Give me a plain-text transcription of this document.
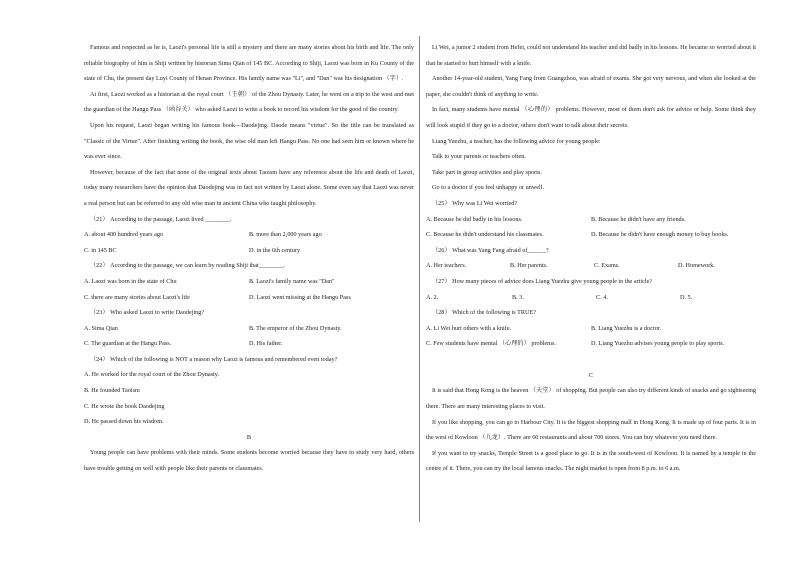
Famous and respected as he is, Laozi's personal life is still a mystery and there are many stories about his birth and life. The only reliable biography of him is Shiji written by historian Sima Qian of 145 BC. According to Shiji, Laozi was born in Ku County of the state of Chu, the present day Luyi County of Henan Province. His family name was "Li", and "Dan" was his designation （字）.

At first, Laozi worked as a historian at the royal court （王朝） of the Zhou Dynasty. Later, he went on a trip to the west and met the guardian of the Hangu Pass （函谷关） who asked Laozi to write a book to record his wisdom for the good of the country.

Upon his request, Laozi began writing his famous book—Daodejing. Daode means "virtue". So the title can be translated as "Classic of the Virtue". After finishing writing the book, the wise old man left Hangu Pass. No one had seen him or known where he was ever since.

However, because of the fact that none of the original texts about Taoism have any reference about the life and death of Laozi, today many researchers have the opinion that Daodejing was in fact not written by Laozi alone. Some even say that Laozi was never a real person but can be referred to any old wise man in ancient China who taught philosophy.

（21） According to the passage, Laozi lived ________.

A. about 400 hundred years ago	B. more than 2,000 years ago
C. in 145 BC	D. in the 6th century

（22） According to the passage, we can learn by reading Shiji that________.

A. Laozi was born in the state of Chu	B. Laozi's family name was "Dan"
C. there are many stories about Laozi's life	D. Laozi went missing at the Hangu Pass

（23） Who asked Laozi to write Daodejing?

A. Sima Qian	B. The emperor of the Zhou Dynasty.
C. The guardian at the Hangu Pass.	D. His father.

（24） Which of the following is NOT a reason why Laozi is famous and remembered even today?

A. He worked for the royal court of the Zhou Dynasty.

B. He founded Taoism

C. He wrote the book Daodejing

D. He passed down his wisdom.

B

Young people can have problems with their minds. Some students become worried because they have to study very hard, others have trouble getting on well with people like their parents or classmates.

Li Wei, a junior 2 student from Hefei, could not understand his teacher and did badly in his lessons. He became so worried about it that he started to hurt himself with a knife.

Another 14-year-old student, Yang Fang from Guangzhou, was afraid of exams. She got very nervous, and when she looked at the paper, she couldn't think of anything to write.

In fact, many students have mental （心理的） problems. However, most of them don't ask for advice or help. Some think they will look stupid if they go to a doctor, others don't want to talk about their secrets.

Liang Yuezhu, a teacher, has the following advice for young people:

Talk to your parents or teachers often.

Take part in group activities and play sports.

Go to a doctor if you feel unhappy or unwell.

（25） Why was Li Wei worried?

A. Because he did badly in his lessons.	B. Because he didn't have any friends.
C. Because he didn't understand his classmates.	D. Because he didn't have enough money to buy books.

（26） What was Yang Fang afraid of______?

A. Her teachers.	B. Her parents.	C. Exams.	D. Homework.

（27） How many pieces of advice does Liang Yuezhu give young people in the article?

A. 2.	B. 3.	C. 4.	D. 5.

（28） Which of the following is TRUE?

A. Li Wei hurt others with a knife.	B. Liang Yuezhu is a doctor.
C. Few students have mental （心理的） problems.	D. Liang Yuezhu advises young people to play sports.

C

It is said that Hong Kong is the heaven （天堂） of shopping. But people can also try different kinds of snacks and go sightseeing there. There are many interesting places to visit.

If you like shopping, you can go to Harbour City. It is the biggest shopping mall in Hong Kong. It is made up of four parts. It is in the west of Kowloon （九龙）. There are 60 restaurants and about 700 stores. You can buy whatever you need there.

If you want to try snacks, Temple Street is a good place to go. It is in the south-west of Kowloon. It is named by a temple in the centre of it. There, you can try the local famous snacks. The night market is open from 8 p.m. to 6 a.m.
